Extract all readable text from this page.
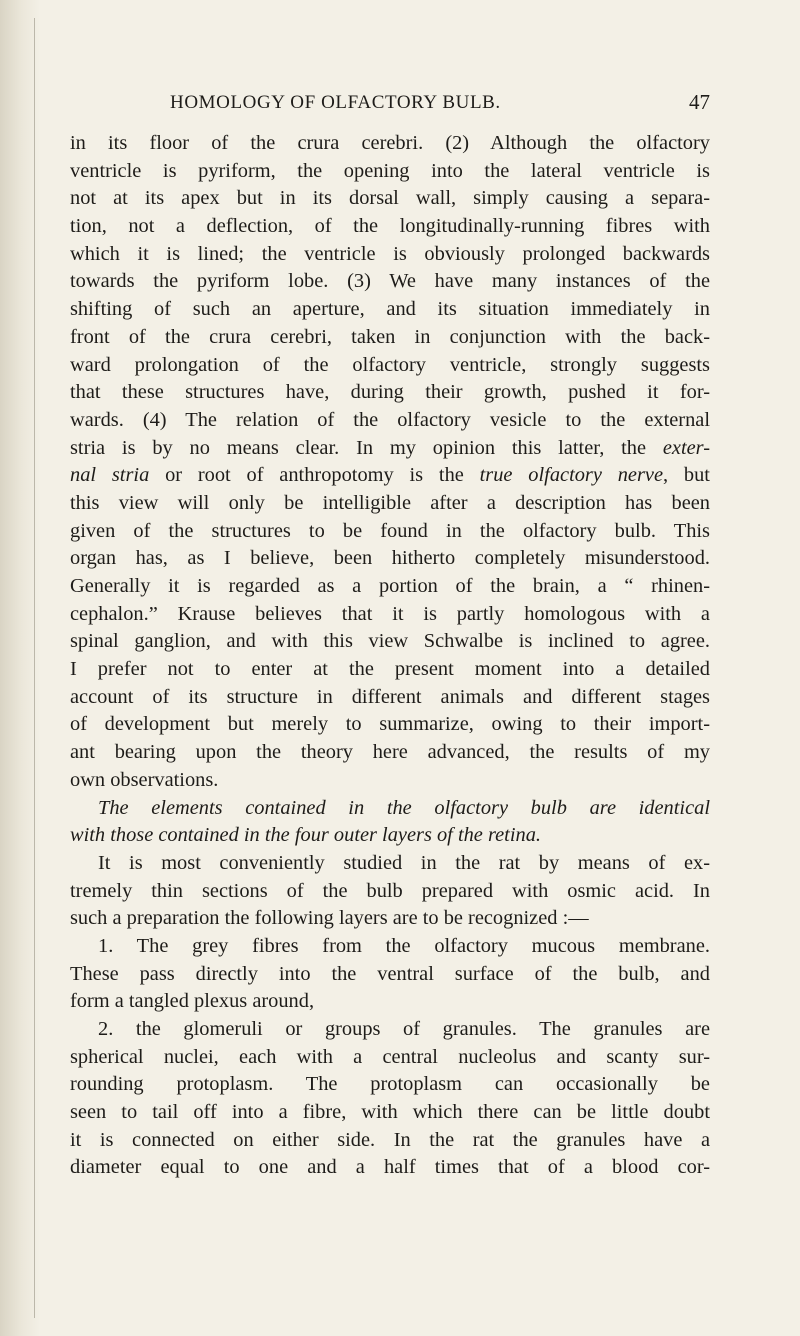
HOMOLOGY OF OLFACTORY BULB.	47
in its floor of the crura cerebri. (2) Although the olfactory
ventricle is pyriform, the opening into the lateral ventricle is
not at its apex but in its dorsal wall, simply causing a separa-
tion, not a deflection, of the longitudinally-running fibres with
which it is lined; the ventricle is obviously prolonged backwards
towards the pyriform lobe. (3) We have many instances of the
shifting of such an aperture, and its situation immediately in
front of the crura cerebri, taken in conjunction with the back-
ward prolongation of the olfactory ventricle, strongly suggests
that these structures have, during their growth, pushed it for-
wards. (4) The relation of the olfactory vesicle to the external
stria is by no means clear. In my opinion this latter, the exter-
nal stria or root of anthropotomy is the true olfactory nerve, but
this view will only be intelligible after a description has been
given of the structures to be found in the olfactory bulb. This
organ has, as I believe, been hitherto completely misunderstood.
Generally it is regarded as a portion of the brain, a “ rhinen-
cephalon.” Krause believes that it is partly homologous with a
spinal ganglion, and with this view Schwalbe is inclined to agree.
I prefer not to enter at the present moment into a detailed
account of its structure in different animals and different stages
of development but merely to summarize, owing to their import-
ant bearing upon the theory here advanced, the results of my
own observations.
The elements contained in the olfactory bulb are identical
with those contained in the four outer layers of the retina.
It is most conveniently studied in the rat by means of ex-
tremely thin sections of the bulb prepared with osmic acid. In
such a preparation the following layers are to be recognized :—
1. The grey fibres from the olfactory mucous membrane.
These pass directly into the ventral surface of the bulb, and
form a tangled plexus around,
2. the glomeruli or groups of granules. The granules are
spherical nuclei, each with a central nucleolus and scanty sur-
rounding protoplasm. The protoplasm can occasionally be
seen to tail off into a fibre, with which there can be little doubt
it is connected on either side. In the rat the granules have a
diameter equal to one and a half times that of a blood cor-
